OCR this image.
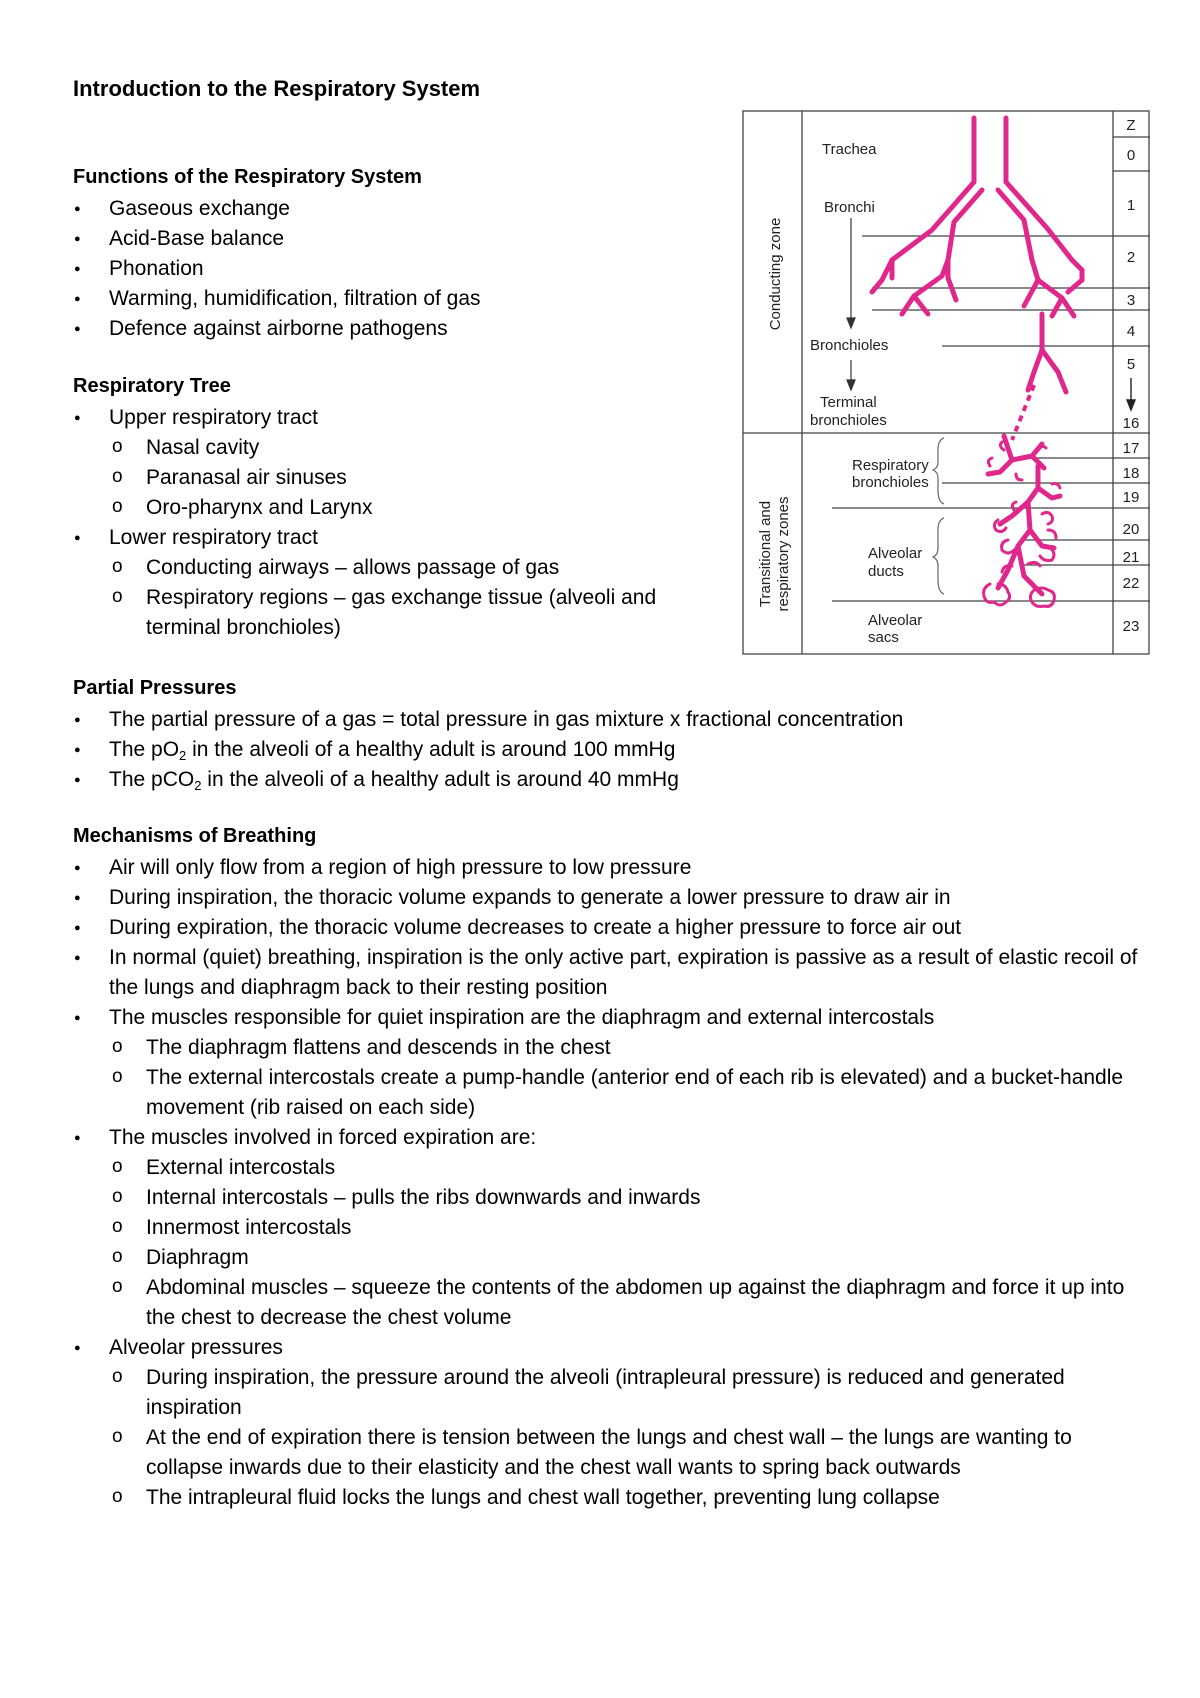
Introduction to the Respiratory System
Functions of the Respiratory System
● Gaseous exchange
● Acid-Base balance
● Phonation
● Warming, humidification, filtration of gas
● Defence against airborne pathogens
Respiratory Tree
● Upper respiratory tract
o Nasal cavity
o Paranasal air sinuses
o Oro-pharynx and Larynx
● Lower respiratory tract
o Conducting airways – allows passage of gas
o Respiratory regions – gas exchange tissue (alveoli and terminal bronchioles)
Partial Pressures
● The partial pressure of a gas = total pressure in gas mixture x fractional concentration
● The $pO_2$ in the alveoli of a healthy adult is around 100 mmHg
● The pCO$_2$ in the alveoli of a healthy adult is around 40 mmHg
Mechanisms of Breathing
● Air will only flow from a region of high pressure to low pressure
● During inspiration, the thoracic volume expands to generate a lower pressure to draw air in
● During expiration, the thoracic volume decreases to create a higher pressure to force air out
● In normal (quiet) breathing, inspiration is the only active part, expiration is passive as a result of elastic recoil of the lungs and diaphragm back to their resting position
● The muscles responsible for quiet inspiration are the diaphragm and external intercostals
o The diaphragm flattens and descends in the chest
o The external intercostals create a pump-handle (anterior end of each rib is elevated) and a bucket-handle movement (rib raised on each side)
● The muscles involved in forced expiration are:
o External intercostals
o Internal intercostals – pulls the ribs downwards and inwards
o Innermost intercostals
o Diaphragm
o Abdominal muscles – squeeze the contents of the abdomen up against the diaphragm and force it up into the chest to decrease the chest volume
● Alveolar pressures
o During inspiration, the pressure around the alveoli (intrapleural pressure) is reduced and generated inspiration
o At the end of expiration there is tension between the lungs and chest wall – the lungs are wanting to collapse inwards due to their elasticity and the chest wall wants to spring back outwards
o The intrapleural fluid locks the lungs and chest wall together, preventing lung collapse
Conducting zone
Transitional and respiratory zones
Trachea
Bronchi
Bronchioles
Terminal
bronchioles
Respiratory
bronchioles
Alveolar
ducts
Alveolar
sacs
Z
0
1
2
3
4
5
16
17
18
19
20
21
22
23
